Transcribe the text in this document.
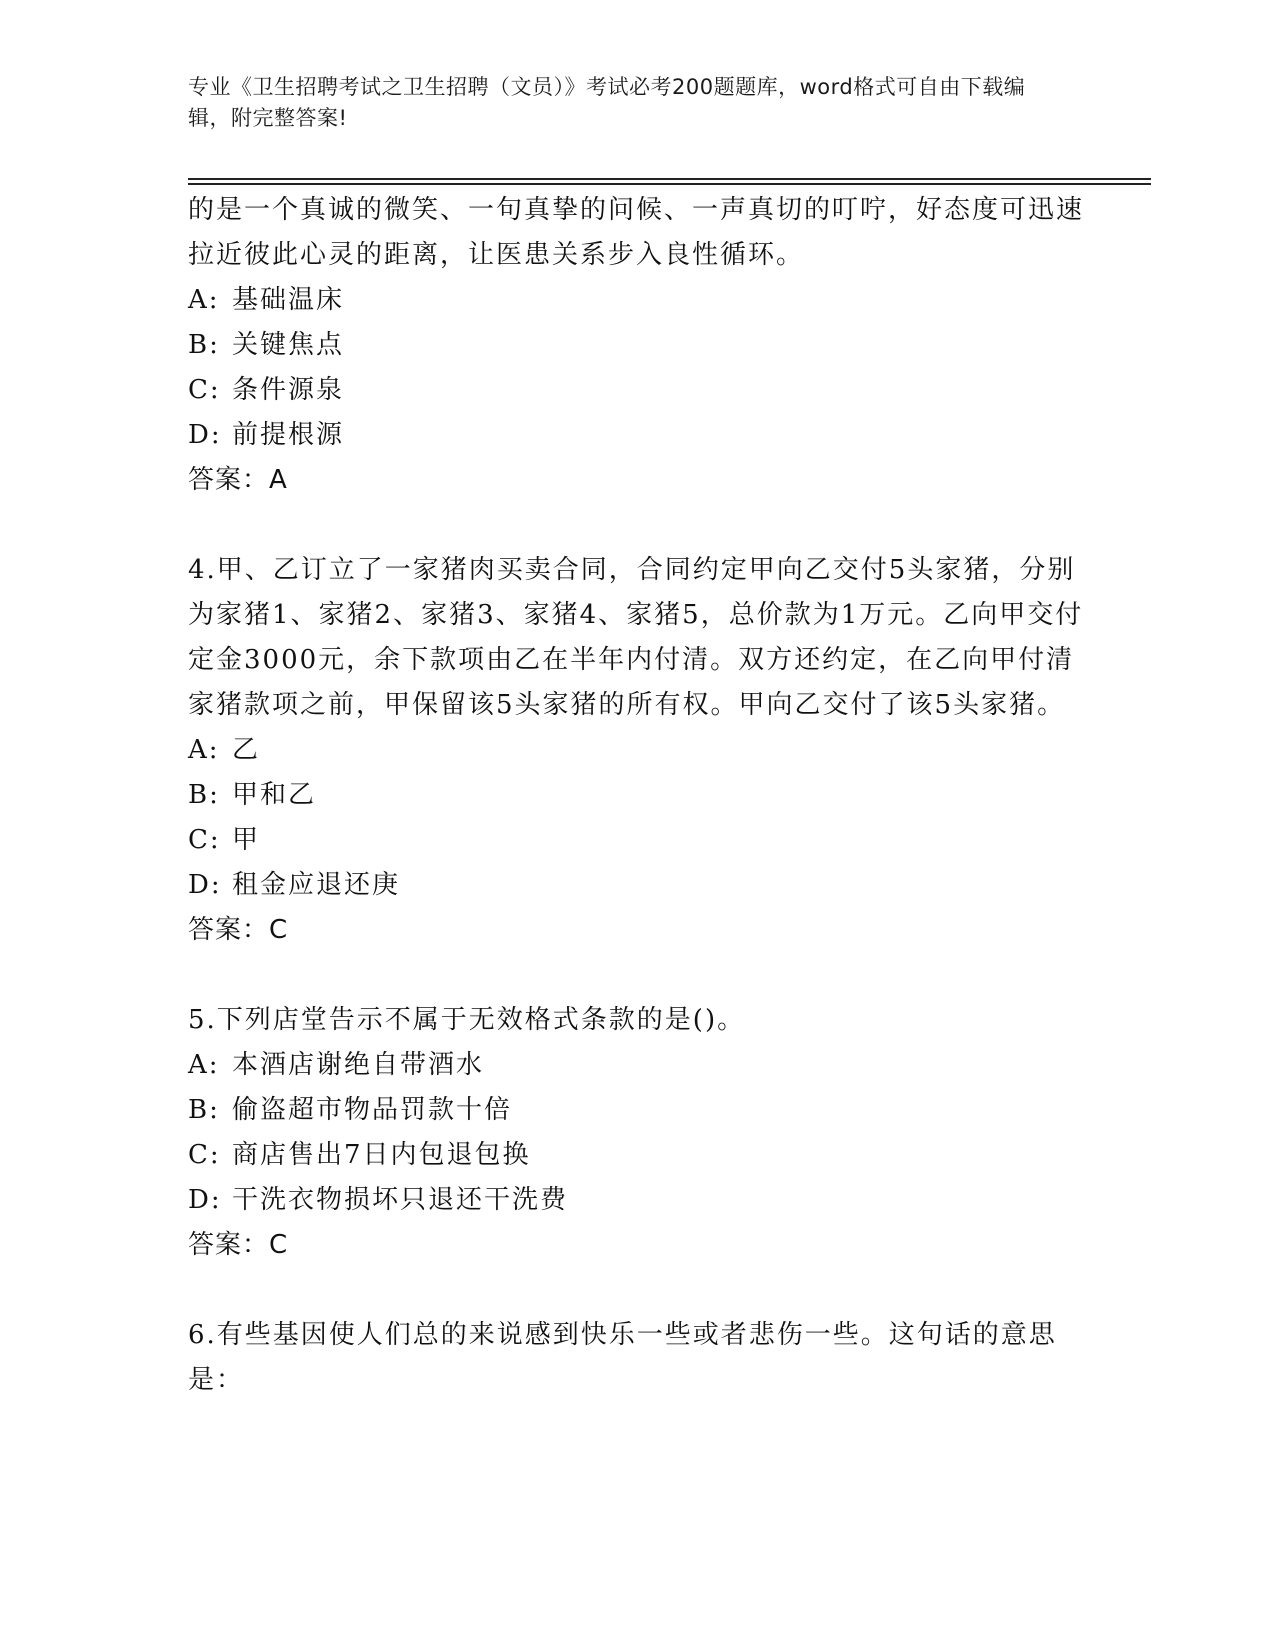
专业《卫生招聘考试之卫生招聘（文员）》考试必考200题题库，word格式可自由下载编辑，附完整答案!

的是一个真诚的微笑、一句真挚的问候、一声真切的叮咛，好态度可迅速拉近彼此心灵的距离，让医患关系步入良性循环。

A: 基础温床

B: 关键焦点

C: 条件源泉

D: 前提根源

答案：A

4.甲、乙订立了一家猪肉买卖合同，合同约定甲向乙交付5头家猪，分别为家猪1、家猪2、家猪3、家猪4、家猪5，总价款为1万元。乙向甲交付定金3000元，余下款项由乙在半年内付清。双方还约定，在乙向甲付清家猪款项之前，甲保留该5头家猪的所有权。甲向乙交付了该5头家猪。

A: 乙

B: 甲和乙

C: 甲

D: 租金应退还庚

答案：C

5.下列店堂告示不属于无效格式条款的是()。

A: 本酒店谢绝自带酒水

B: 偷盗超市物品罚款十倍

C: 商店售出7日内包退包换

D: 干洗衣物损坏只退还干洗费

答案：C

6.有些基因使人们总的来说感到快乐一些或者悲伤一些。这句话的意思是：
